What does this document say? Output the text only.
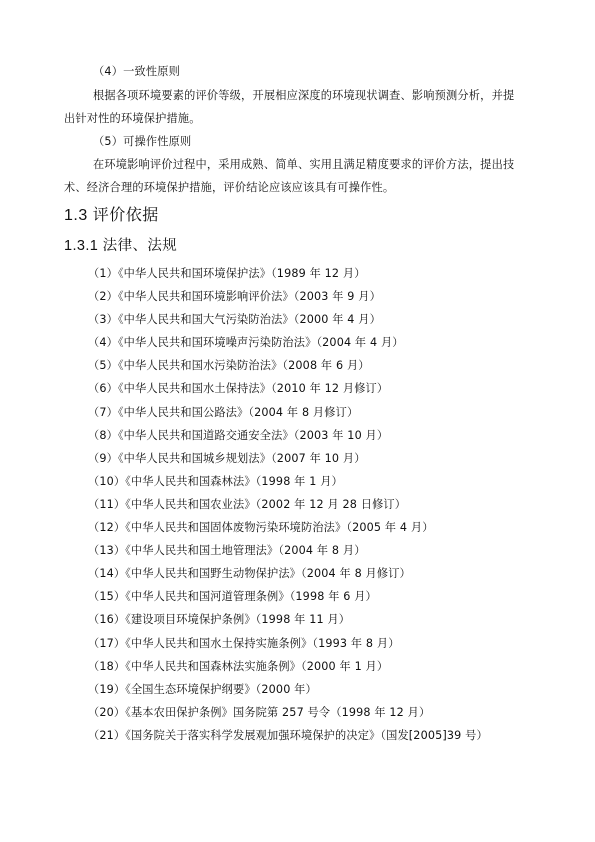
（4）一致性原则
根据各项环境要素的评价等级，开展相应深度的环境现状调查、影响预测分析，并提
出针对性的环境保护措施。
（5）可操作性原则
在环境影响评价过程中，采用成熟、简单、实用且满足精度要求的评价方法，提出技
术、经济合理的环境保护措施，评价结论应该应该具有可操作性。
1.3 评价依据
1.3.1 法律、法规
（1）《中华人民共和国环境保护法》（1989 年 12 月）
（2）《中华人民共和国环境影响评价法》（2003 年 9 月）
（3）《中华人民共和国大气污染防治法》（2000 年 4 月）
（4）《中华人民共和国环境噪声污染防治法》（2004 年 4 月）
（5）《中华人民共和国水污染防治法》（2008 年 6 月）
（6）《中华人民共和国水土保持法》（2010 年 12 月修订）
（7）《中华人民共和国公路法》（2004 年 8 月修订）
（8）《中华人民共和国道路交通安全法》（2003 年 10 月）
（9）《中华人民共和国城乡规划法》（2007 年 10 月）
（10）《中华人民共和国森林法》（1998 年 1 月）
（11）《中华人民共和国农业法》（2002 年 12 月 28 日修订）
（12）《中华人民共和国固体废物污染环境防治法》（2005 年 4 月）
（13）《中华人民共和国土地管理法》（2004 年 8 月）
（14）《中华人民共和国野生动物保护法》（2004 年 8 月修订）
（15）《中华人民共和国河道管理条例》（1998 年 6 月）
（16）《建设项目环境保护条例》（1998 年 11 月）
（17）《中华人民共和国水土保持实施条例》（1993 年 8 月）
（18）《中华人民共和国森林法实施条例》（2000 年 1 月）
（19）《全国生态环境保护纲要》（2000 年）
（20）《基本农田保护条例》国务院第 257 号令（1998 年 12 月）
（21）《国务院关于落实科学发展观加强环境保护的决定》（国发[2005]39 号）
